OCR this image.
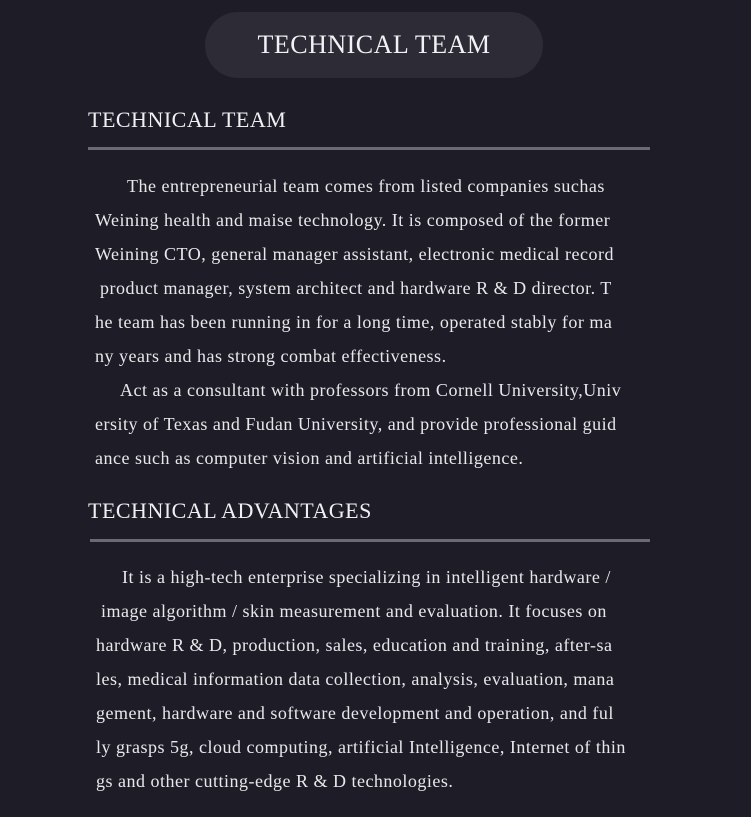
TECHNICAL TEAM
TECHNICAL TEAM
The entrepreneurial team comes from listed companies suchas
Weining health and maise technology. It is composed of the former
Weining CTO, general manager assistant, electronic medical record
product manager, system architect and hardware R & D director. T
he team has been running in for a long time, operated stably for ma
ny years and has strong combat effectiveness.
Act as a consultant with professors from Cornell University,Univ
ersity of Texas and Fudan University, and provide professional guid
ance such as computer vision and artificial intelligence.
TECHNICAL ADVANTAGES
It is a high-tech enterprise specializing in intelligent hardware /
image algorithm / skin measurement and evaluation. It focuses on
hardware R & D, production, sales, education and training, after-sa
les, medical information data collection, analysis, evaluation, mana
gement, hardware and software development and operation, and ful
ly grasps 5g, cloud computing, artificial Intelligence, Internet of thin
gs and other cutting-edge R & D technologies.
